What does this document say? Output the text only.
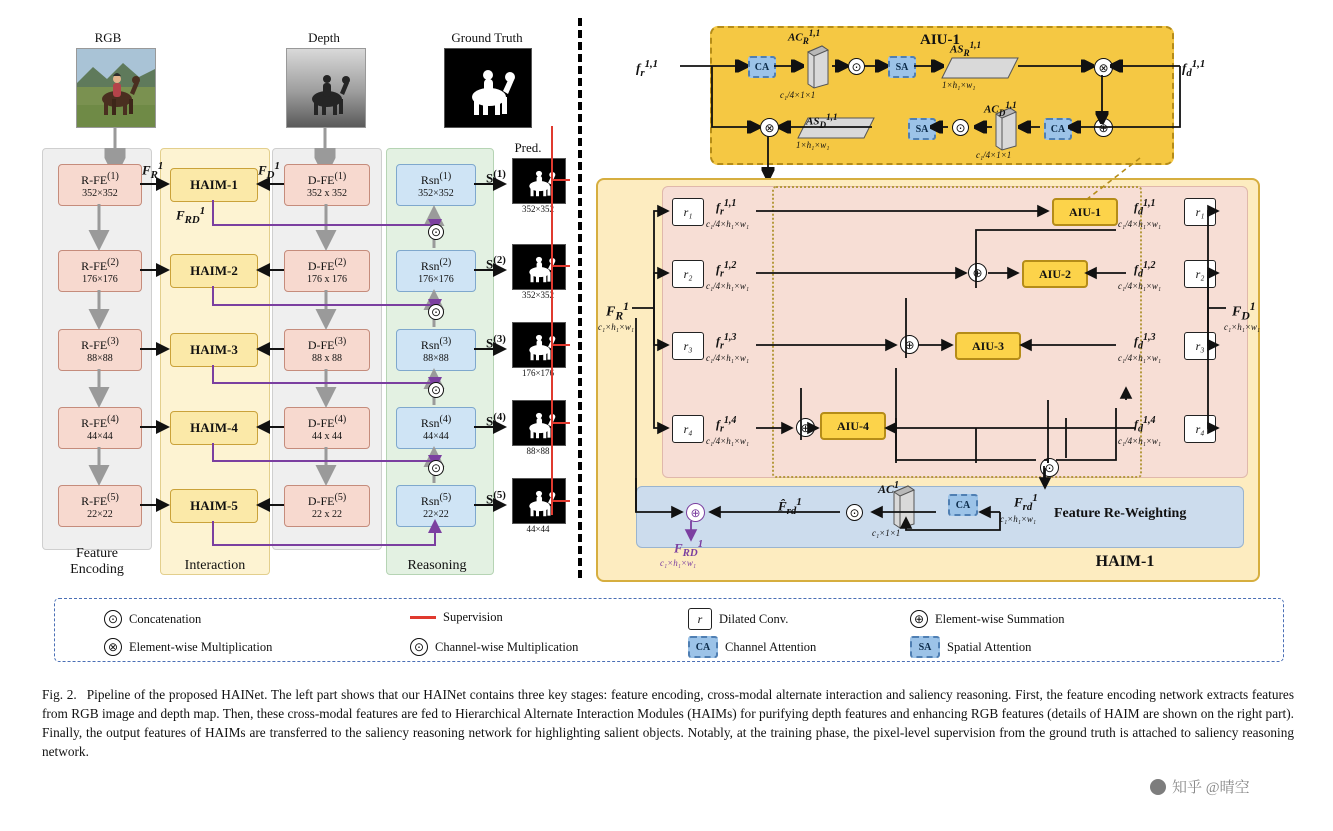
RGB	Depth	Ground Truth
Pred.
R-FE$^{(1)}$
352×352
R-FE$^{(2)}$
176×176
R-FE$^{(3)}$
88×88
R-FE$^{(4)}$
44×44
R-FE$^{(5)}$
22×22
HAIM-1
HAIM-2
HAIM-3
HAIM-4
HAIM-5
D-FE$^{(1)}$
352 x 352
D-FE$^{(2)}$
176 x 176
D-FE$^{(3)}$
88 x 88
D-FE$^{(4)}$
44 x 44
D-FE$^{(5)}$
22 x 22
Rsn$^{(1)}$
352×352
Rsn$^{(2)}$
176×176
Rsn$^{(3)}$
88×88
Rsn$^{(4)}$
44×44
Rsn$^{(5)}$
22×22
$S^{(1)}$
$S^{(2)}$
$S^{(3)}$
$S^{(4)}$
$S^{(5)}$
352×352
352×352
176×176
88×88
44×44
⊙
⊙
⊙
⊙
$F_R^1$	$F_D^1$
$F_{RD}^1$
Feature
Encoding	Interaction	Reasoning
AIU-1
$f_r^{1,1}$	$f_d^{1,1}$
CA
$AC_R^{1,1}$
c₁/4×1×1
⊙	SA
$AS_R^{1,1}$
1×h₁×w₁
⊗
⊗	$AS_D^{1,1}$
1×h₁×w₁
SA	⊙
$AC_D^{1,1}$
c₁/4×1×1
CA	⊕
HAIM-1
$F_R^1$
c₁×h₁×w₁
$F_D^1$
c₁×h₁×w₁
r₁
r₂
r₃
r₄
$f_r^{1,1}$
c₁/4×h₁×w₁
$f_r^{1,2}$
c₁/4×h₁×w₁
$f_r^{1,3}$
c₁/4×h₁×w₁
$f_r^{1,4}$
c₁/4×h₁×w₁
r₁
r₂
r₃
r₄
$f_d^{1,1}$
c₁/4×h₁×w₁
$f_d^{1,2}$
c₁/4×h₁×w₁
$f_d^{1,3}$
c₁/4×h₁×w₁
$f_d^{1,4}$
c₁/4×h₁×w₁
AIU-1
AIU-2
AIU-3
AIU-4
⊕
⊕
⊕
⊙
Feature Re-Weighting
$F_{rd}^1$
c₁×h₁×w₁
CA
$AC^1$
c₁×1×1
⊙
$F̂_{rd}^1$
⊕
$F_{RD}^1$
c₁×h₁×w₁
⊙ Concatenation	Supervision	r	Dilated Conv.	⊕ Element-wise Summation
⊗ Element-wise Multiplication	⊙ Channel-wise Multiplication	CA	Channel Attention	SA	Spatial Attention
Fig. 2. Pipeline of the proposed HAINet. The left part shows that our HAINet contains three key stages: feature encoding, cross-modal alternate interaction and saliency reasoning. First, the feature encoding network extracts features from RGB image and depth map. Then, these cross-modal features are fed to Hierarchical Alternate Interaction Modules (HAIMs) for purifying depth features and enhancing RGB features (details of HAIM are shown on the right part). Finally, the output features of HAIMs are transferred to the saliency reasoning network for highlighting salient objects. Notably, at the training phase, the pixel-level supervision from the ground truth is attached to saliency reasoning network.
知乎 @晴空
